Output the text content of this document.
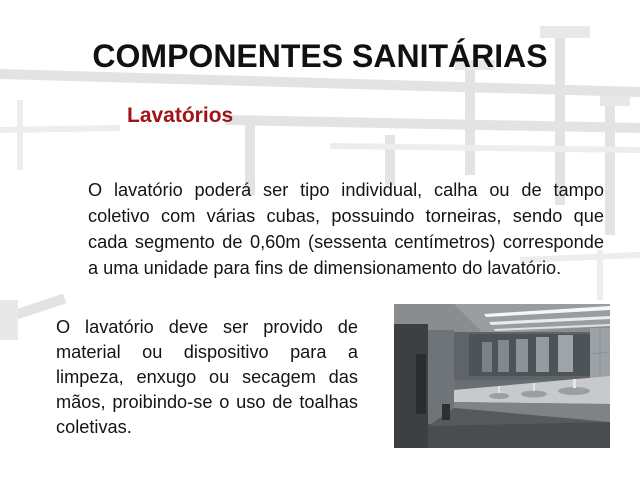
COMPONENTES SANITÁRIAS
Lavatórios
O lavatório poderá ser tipo individual, calha ou de tampo coletivo com várias cubas, possuindo torneiras, sendo que cada segmento de 0,60m (sessenta centímetros) corresponde a uma unidade para fins de dimensionamento do lavatório.
O lavatório deve ser provido de material ou dispositivo para a limpeza, enxugo ou secagem das mãos, proibindo-se o uso de toalhas coletivas.
